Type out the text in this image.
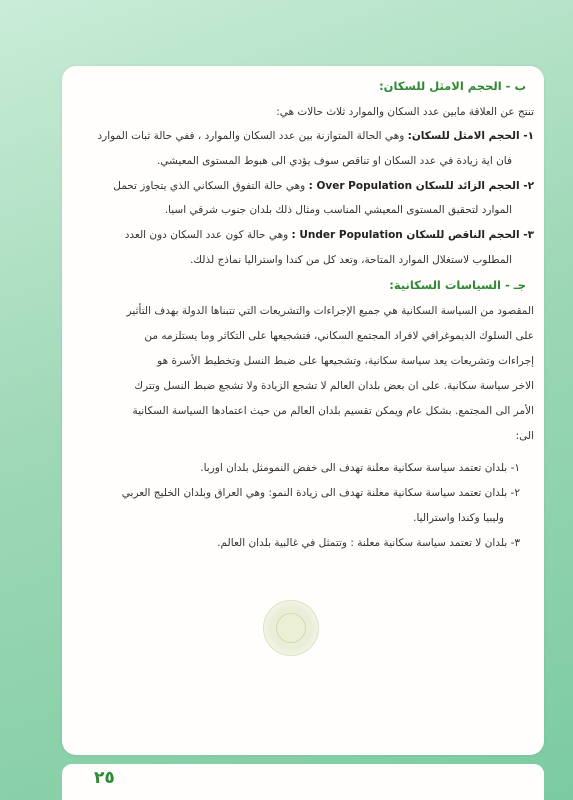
ب - الحجم الامثل للسكان:
تنتج عن العلاقة مابين عدد السكان والموارد ثلاث حالات هي:
١- الحجم الامثل للسكان: وهي الحالة المتوازنة بين عدد السكان والموارد ، ففي حالة ثبات الموارد
فان اية زيادة في عدد السكان او تناقص سوف يؤدي الى هبوط المستوى المعيشي.
٢- الحجم الزائد للسكان Over Population : وهي حالة التفوق السكاني الذي يتجاوز تحمل
الموارد لتحقيق المستوى المعيشي المناسب ومثال ذلك بلدان جنوب شرقي اسيا.
٣- الحجم الناقص للسكان Under Population : وهي حالة كون عدد السكان دون العدد
المطلوب لاستغلال الموارد المتاحة، وتعد كل من كندا واستراليا نماذج لذلك.
جـ - السياسات السكانية:
المقصود من السياسة السكانية هي جميع الإجراءات والتشريعات التي تتبناها الدولة بهدف التأثير
على السلوك الديموغرافي لافراد المجتمع السكاني، فتشجيعها على التكاثر وما يستلزمه من
إجراءات وتشريعات يعد سياسة سكانية، وتشجيعها على ضبط النسل وتخطيط الأسرة هو
الاخر سياسة سكانية. على ان بعض بلدان العالم لا تشجع الزيادة ولا تشجع ضبط النسل وتترك
الأمر الى المجتمع. بشكل عام ويمكن تقسيم بلدان العالم من حيث اعتمادها السياسة السكانية
الى:
١- بلدان تعتمد سياسة سكانية معلنة تهدف الى خفض النمومثل بلدان اوربا.
٢- بلدان تعتمد سياسة سكانية معلنة تهدف الى زيادة النمو: وهي العراق وبلدان الخليج العربي
وليبيا وكندا واستراليا.
٣- بلدان لا تعتمد سياسة سكانية معلنة : وتتمثل في غالبية بلدان العالم.
٢٥
